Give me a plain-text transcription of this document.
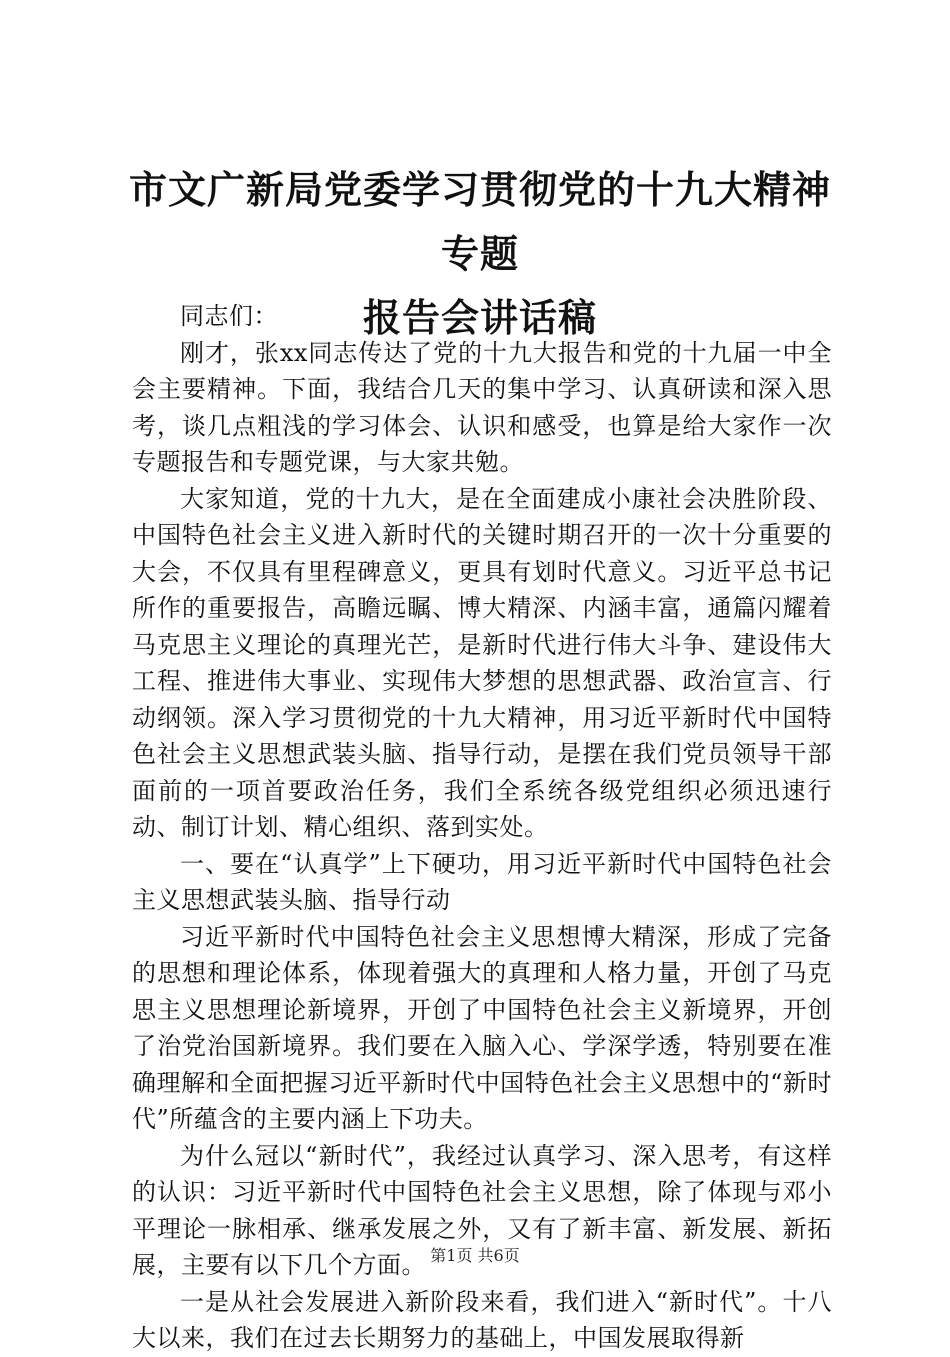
市文广新局党委学习贯彻党的十九大精神专题
报告会讲话稿

同志们：

刚才，张xx同志传达了党的十九大报告和党的十九届一中全会主要精神。下面，我结合几天的集中学习、认真研读和深入思考，谈几点粗浅的学习体会、认识和感受，也算是给大家作一次专题报告和专题党课，与大家共勉。

大家知道，党的十九大，是在全面建成小康社会决胜阶段、中国特色社会主义进入新时代的关键时期召开的一次十分重要的大会，不仅具有里程碑意义，更具有划时代意义。习近平总书记所作的重要报告，高瞻远瞩、博大精深、内涵丰富，通篇闪耀着马克思主义理论的真理光芒，是新时代进行伟大斗争、建设伟大工程、推进伟大事业、实现伟大梦想的思想武器、政治宣言、行动纲领。深入学习贯彻党的十九大精神，用习近平新时代中国特色社会主义思想武装头脑、指导行动，是摆在我们党员领导干部面前的一项首要政治任务，我们全系统各级党组织必须迅速行动、制订计划、精心组织、落到实处。

一、要在“认真学”上下硬功，用习近平新时代中国特色社会主义思想武装头脑、指导行动

习近平新时代中国特色社会主义思想博大精深，形成了完备的思想和理论体系，体现着强大的真理和人格力量，开创了马克思主义思想理论新境界，开创了中国特色社会主义新境界，开创了治党治国新境界。我们要在入脑入心、学深学透，特别要在准确理解和全面把握习近平新时代中国特色社会主义思想中的“新时代”所蕴含的主要内涵上下功夫。

为什么冠以“新时代”，我经过认真学习、深入思考，有这样的认识：习近平新时代中国特色社会主义思想，除了体现与邓小平理论一脉相承、继承发展之外，又有了新丰富、新发展、新拓展，主要有以下几个方面。

一是从社会发展进入新阶段来看，我们进入“新时代”。十八大以来，我们在过去长期努力的基础上，中国发展取得新

第1页 共6页
